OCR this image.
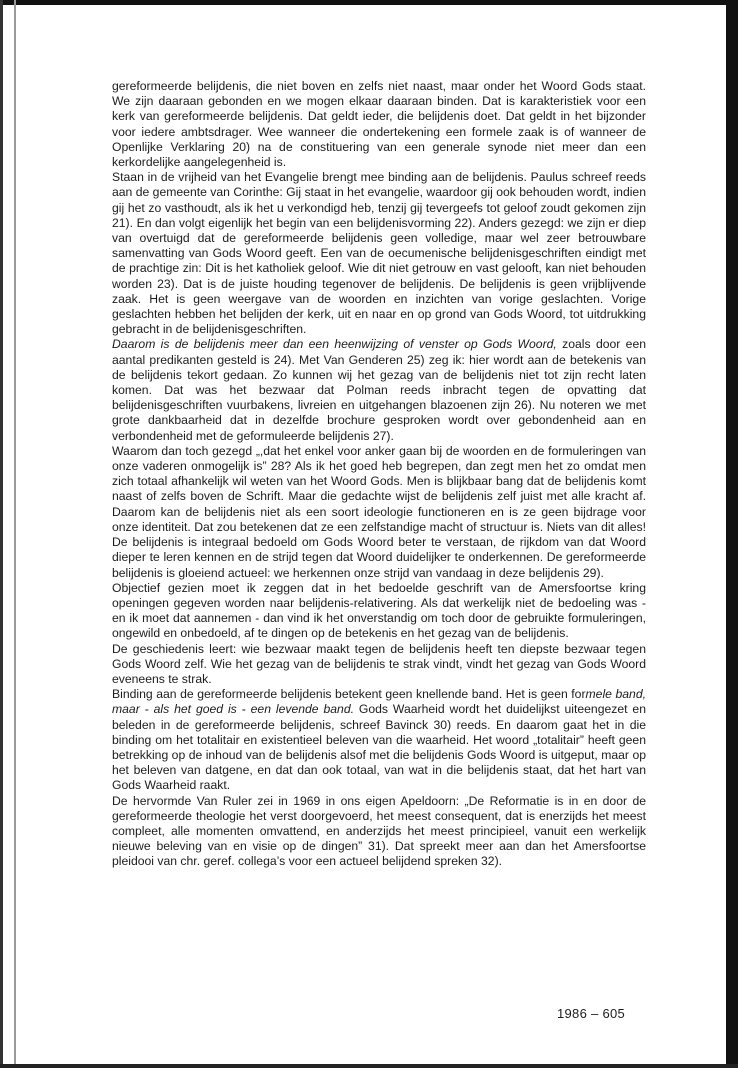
gereformeerde belijdenis, die niet boven en zelfs niet naast, maar onder het Woord Gods staat. We zijn daaraan gebonden en we mogen elkaar daaraan binden. Dat is karakteristiek voor een kerk van gereformeerde belijdenis. Dat geldt ieder, die belijdenis doet. Dat geldt in het bijzonder voor iedere ambtsdrager. Wee wanneer die ondertekening een formele zaak is of wanneer de Openlijke Verklaring 20) na de constituering van een generale synode niet meer dan een kerkordelijke aangelegenheid is.

Staan in de vrijheid van het Evangelie brengt mee binding aan de belijdenis. Paulus schreef reeds aan de gemeente van Corinthe: Gij staat in het evangelie, waardoor gij ook behouden wordt, indien gij het zo vasthoudt, als ik het u verkondigd heb, tenzij gij tevergeefs tot geloof zoudt gekomen zijn 21). En dan volgt eigenlijk het begin van een belijdenisvorming 22). Anders gezegd: we zijn er diep van overtuigd dat de gereformeerde belijdenis geen volledige, maar wel zeer betrouwbare samenvatting van Gods Woord geeft. Een van de oecumenische belijdenisgeschriften eindigt met de prachtige zin: Dit is het katholiek geloof. Wie dit niet getrouw en vast gelooft, kan niet behouden worden 23). Dat is de juiste houding tegenover de belijdenis. De belijdenis is geen vrijblijvende zaak. Het is geen weergave van de woorden en inzichten van vorige geslachten. Vorige geslachten hebben het belijden der kerk, uit en naar en op grond van Gods Woord, tot uitdrukking gebracht in de belijdenisgeschriften.

Daarom is de belijdenis meer dan een heenwijzing of venster op Gods Woord, zoals door een aantal predikanten gesteld is 24). Met Van Genderen 25) zeg ik: hier wordt aan de betekenis van de belijdenis tekort gedaan. Zo kunnen wij het gezag van de belijdenis niet tot zijn recht laten komen. Dat was het bezwaar dat Polman reeds inbracht tegen de opvatting dat belijdenisgeschriften vuurbakens, livreien en uitgehangen blazoenen zijn 26). Nu noteren we met grote dankbaarheid dat in dezelfde brochure gesproken wordt over gebondenheid aan en verbondenheid met de geformuleerde belijdenis 27).

Waarom dan toch gezegd „,dat het enkel voor anker gaan bij de woorden en de formuleringen van onze vaderen onmogelijk is” 28? Als ik het goed heb begrepen, dan zegt men het zo omdat men zich totaal afhankelijk wil weten van het Woord Gods. Men is blijkbaar bang dat de belijdenis komt naast of zelfs boven de Schrift. Maar die gedachte wijst de belijdenis zelf juist met alle kracht af. Daarom kan de belijdenis niet als een soort ideologie functioneren en is ze geen bijdrage voor onze identiteit. Dat zou betekenen dat ze een zelfstandige macht of structuur is. Niets van dit alles! De belijdenis is integraal bedoeld om Gods Woord beter te verstaan, de rijkdom van dat Woord dieper te leren kennen en de strijd tegen dat Woord duidelijker te onderkennen. De gereformeerde belijdenis is gloeiend actueel: we herkennen onze strijd van vandaag in deze belijdenis 29).

Objectief gezien moet ik zeggen dat in het bedoelde geschrift van de Amersfoortse kring openingen gegeven worden naar belijdenis-relativering. Als dat werkelijk niet de bedoeling was - en ik moet dat aannemen - dan vind ik het onverstandig om toch door de gebruikte formuleringen, ongewild en onbedoeld, af te dingen op de betekenis en het gezag van de belijdenis.

De geschiedenis leert: wie bezwaar maakt tegen de belijdenis heeft ten diepste bezwaar tegen Gods Woord zelf. Wie het gezag van de belijdenis te strak vindt, vindt het gezag van Gods Woord eveneens te strak.

Binding aan de gereformeerde belijdenis betekent geen knellende band. Het is geen formele band, maar - als het goed is - een levende band. Gods Waarheid wordt het duidelijkst uiteengezet en beleden in de gereformeerde belijdenis, schreef Bavinck 30) reeds. En daarom gaat het in die binding om het totalitair en existentieel beleven van die waarheid. Het woord „totalitair” heeft geen betrekking op de inhoud van de belijdenis alsof met die belijdenis Gods Woord is uitgeput, maar op het beleven van datgene, en dat dan ook totaal, van wat in die belijdenis staat, dat het hart van Gods Waarheid raakt.

De hervormde Van Ruler zei in 1969 in ons eigen Apeldoorn: „De Reformatie is in en door de gereformeerde theologie het verst doorgevoerd, het meest consequent, dat is enerzijds het meest compleet, alle momenten omvattend, en anderzijds het meest principieel, vanuit een werkelijk nieuwe beleving van en visie op de dingen” 31). Dat spreekt meer aan dan het Amersfoortse pleidooi van chr. geref. collega’s voor een actueel belijdend spreken 32).

1986 – 605
